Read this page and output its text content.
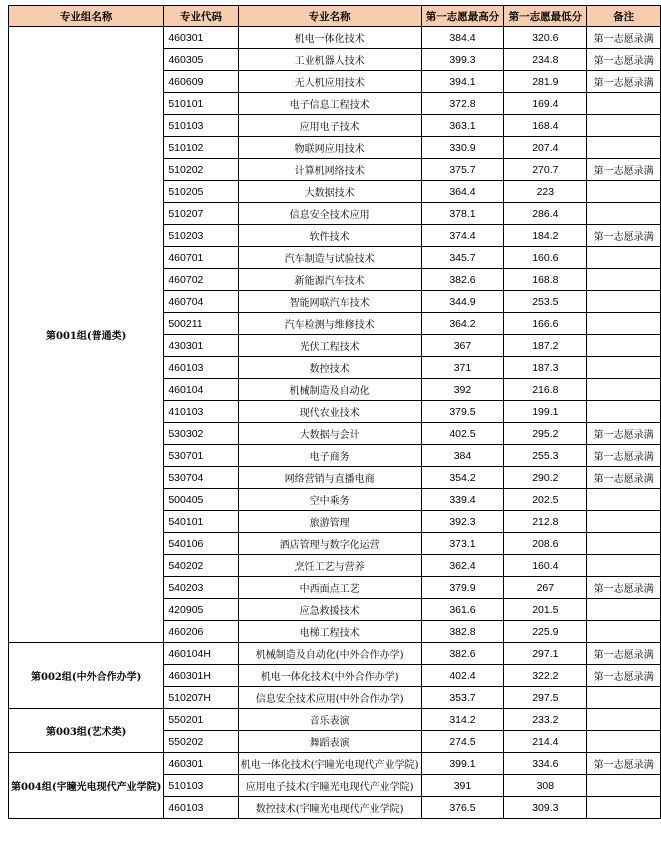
专业组名称	专业代码	专业名称	第一志愿最高分	第一志愿最低分	备注
第001组(普通类)	460301	机电一体化技术	384.4	320.6	第一志愿录满
	460305	工业机器人技术	399.3	234.8	第一志愿录满
	460609	无人机应用技术	394.1	281.9	第一志愿录满
	510101	电子信息工程技术	372.8	169.4	
	510103	应用电子技术	363.1	168.4	
	510102	物联网应用技术	330.9	207.4	
	510202	计算机网络技术	375.7	270.7	第一志愿录满
	510205	大数据技术	364.4	223	
	510207	信息安全技术应用	378.1	286.4	
	510203	软件技术	374.4	184.2	第一志愿录满
	460701	汽车制造与试验技术	345.7	160.6	
	460702	新能源汽车技术	382.6	168.8	
	460704	智能网联汽车技术	344.9	253.5	
	500211	汽车检测与维修技术	364.2	166.6	
	430301	光伏工程技术	367	187.2	
	460103	数控技术	371	187.3	
	460104	机械制造及自动化	392	216.8	
	410103	现代农业技术	379.5	199.1	
	530302	大数据与会计	402.5	295.2	第一志愿录满
	530701	电子商务	384	255.3	第一志愿录满
	530704	网络营销与直播电商	354.2	290.2	第一志愿录满
	500405	空中乘务	339.4	202.5	
	540101	旅游管理	392.3	212.8	
	540106	酒店管理与数字化运营	373.1	208.6	
	540202	烹饪工艺与营养	362.4	160.4	
	540203	中西面点工艺	379.9	267	第一志愿录满
	420905	应急救援技术	361.6	201.5	
	460206	电梯工程技术	382.8	225.9	
第002组(中外合作办学)	460104H	机械制造及自动化(中外合作办学)	382.6	297.1	第一志愿录满
	460301H	机电一体化技术(中外合作办学)	402.4	322.2	第一志愿录满
	510207H	信息安全技术应用(中外合作办学)	353.7	297.5	
第003组(艺术类)	550201	音乐表演	314.2	233.2	
	550202	舞蹈表演	274.5	214.4	
第004组(宇瞳光电现代产业学院)	460301	机电一体化技术(宇瞳光电现代产业学院)	399.1	334.6	第一志愿录满
	510103	应用电子技术(宇瞳光电现代产业学院)	391	308	
	460103	数控技术(宇瞳光电现代产业学院)	376.5	309.3	
